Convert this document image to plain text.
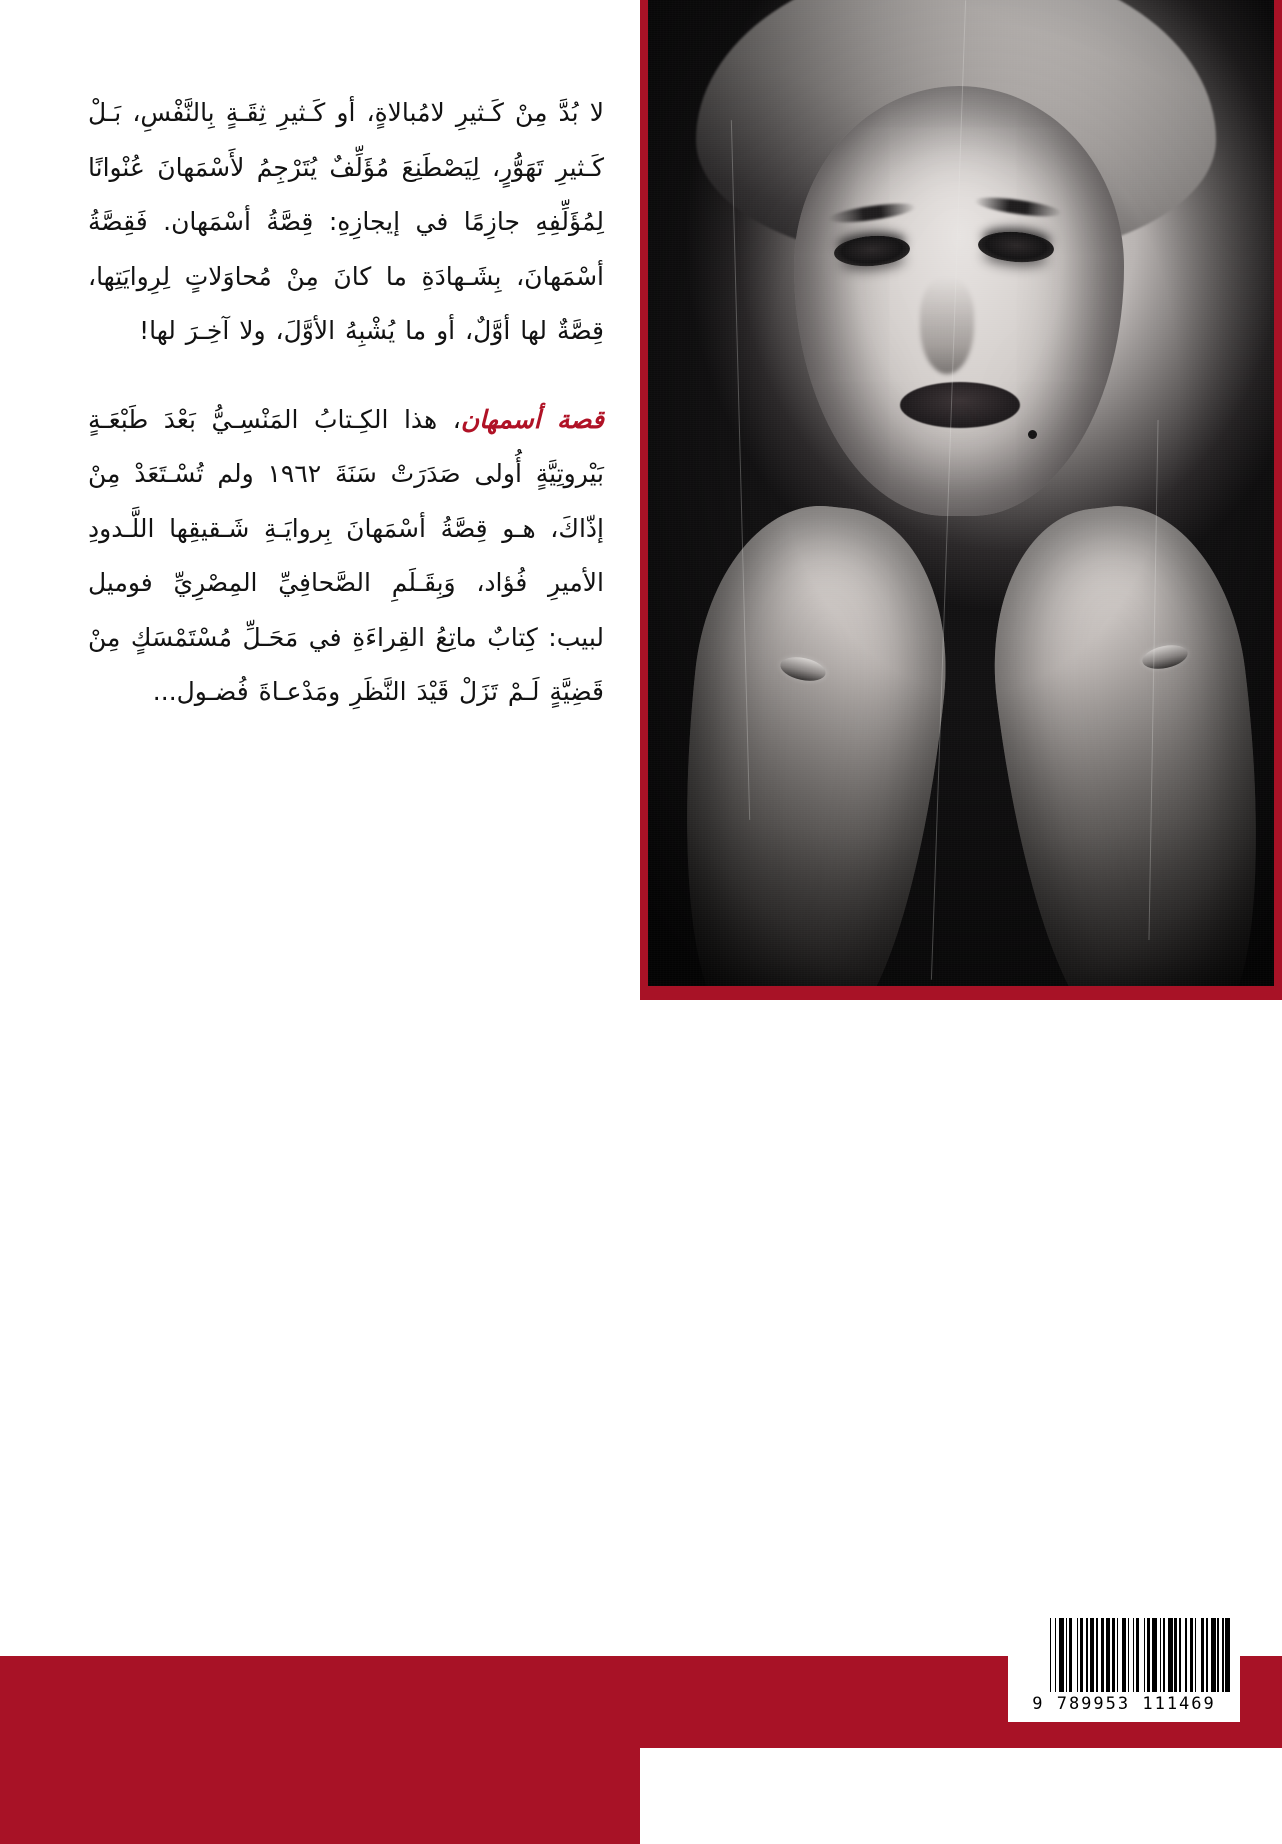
لا بُدَّ مِنْ كَـثيرِ لامُبالاةٍ، أو كَـثيرِ ثِقَـةٍ بِالنَّفْسِ، بَـلْ كَـثيرِ تَهَوُّرٍ، لِيَصْطَنِعَ مُؤَلِّفٌ يُتَرْجِمُ لأَسْمَهانَ عُنْوانًا لِمُؤَلِّفِهِ جازِمًا في إيجازِهِ: قِصَّةُ أسْمَهان. فَقِصَّةُ أسْمَهانَ، بِشَـهادَةِ ما كانَ مِنْ مُحاوَلاتٍ لِرِوايَتِها، قِصَّةٌ لها أوَّلٌ، أو ما يُشْبِهُ الأوَّلَ، ولا آخِـرَ لها!

قصة أسمهان، هذا الكِـتابُ المَنْسِـيُّ بَعْدَ طَبْعَـةٍ بَيْروتِيَّةٍ أُولى صَدَرَتْ سَنَةَ ١٩٦٢ ولم تُسْـتَعَدْ مِنْ إذّاكَ، هـو قِصَّةُ أسْمَهانَ بِروايَـةِ شَـقيقِها اللَّـدودِ الأميرِ فُؤاد، وَبِقَـلَمِ الصَّحافِيِّ المِصْرِيِّ فوميل لبيب: كِتابٌ ماتِعُ القِراءَةِ في مَحَـلِّ مُسْتَمْسَكٍ مِنْ قَضِيَّةٍ لَـمْ تَزَلْ قَيْدَ النَّظَرِ ومَدْعـاةَ فُضـول...

9 789953 111469
